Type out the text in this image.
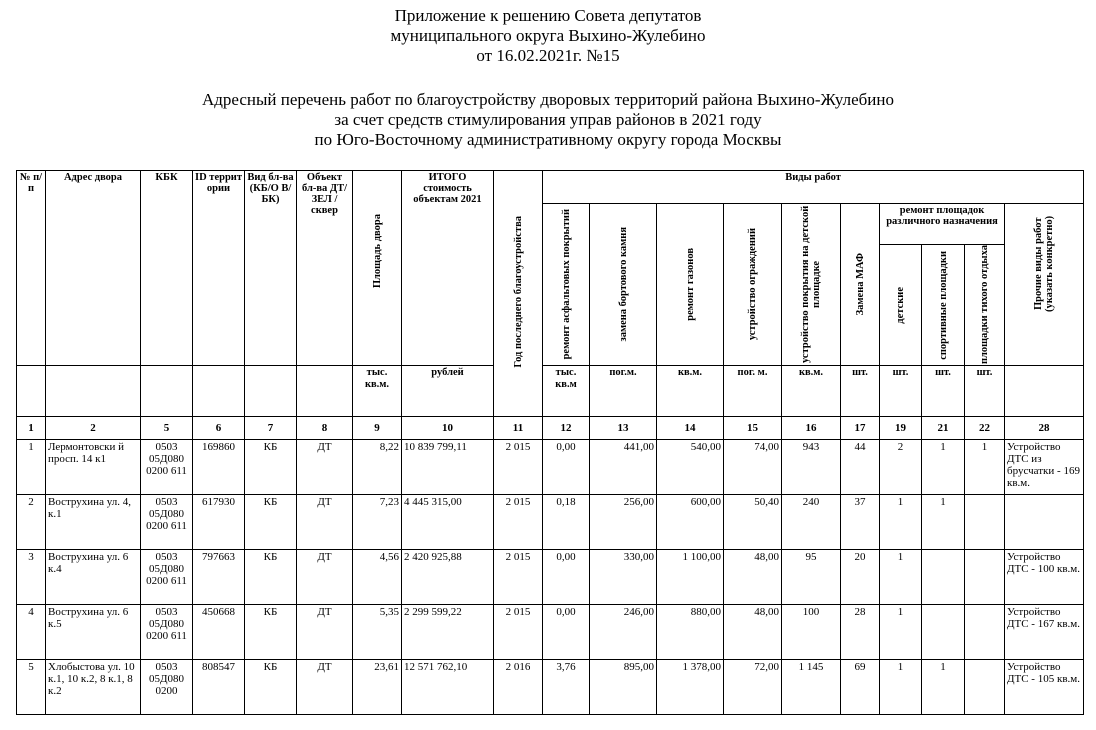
Приложение к решению Совета депутатов
муниципального округа Выхино-Жулебино
от 16.02.2021г. №15
Адресный перечень работ по благоустройству дворовых территорий района Выхино-Жулебино
за счет средств стимулирования управ районов в 2021 году
по Юго-Восточному административному округу города Москвы
№ п/п	Адрес двора	КБК	ID террит ории	Вид бл-ва (КБ/О В/БК)	Объект бл-ва ДТ/ЗЕЛ /сквер	Площадь двора	ИТОГО стоимость объектам 2021	Год последнего благоустройства	Виды работ									

									ремонт асфальтовых покрытий	замена бортового камня	ремонт газонов	устройство ограждений	устройство покрытия на детской площадке	Замена МАФ	ремонт площадок различного назначения			Прочие виды работ (указать конкретно)

															детские	спортивные площадки	площадки тихого отдыха	

						тыс. кв.м.	рублей		тыс. кв.м	пог.м.	кв.м.	пог. м.	кв.м.	шт.	шт.	шт.	шт.	
1	2	5	6	7	8	9	10	11	12	13	14	15	16	17	19	21	22	28
1	Лермонтовски й просп. 14 к1	0503 05Д080 0200 611	169860	КБ	ДТ	8,22	10 839 799,11	2 015	0,00	441,00	540,00	74,00	943	44	2	1	1	Устройство ДТС из брусчатки - 169 кв.м.
2	Вострухина ул. 4, к.1	0503 05Д080 0200 611	617930	КБ	ДТ	7,23	4 445 315,00	2 015	0,18	256,00	600,00	50,40	240	37	1	1		
3	Вострухина ул. 6 к.4	0503 05Д080 0200 611	797663	КБ	ДТ	4,56	2 420 925,88	2 015	0,00	330,00	1 100,00	48,00	95	20	1			Устройство ДТС - 100 кв.м.
4	Вострухина ул. 6 к.5	0503 05Д080 0200 611	450668	КБ	ДТ	5,35	2 299 599,22	2 015	0,00	246,00	880,00	48,00	100	28	1			Устройство ДТС - 167 кв.м.
5	Хлобыстова ул. 10 к.1, 10 к.2, 8 к.1, 8 к.2	0503 05Д080 0200	808547	КБ	ДТ	23,61	12 571 762,10	2 016	3,76	895,00	1 378,00	72,00	1 145	69	1	1		Устройство ДТС - 105 кв.м.
